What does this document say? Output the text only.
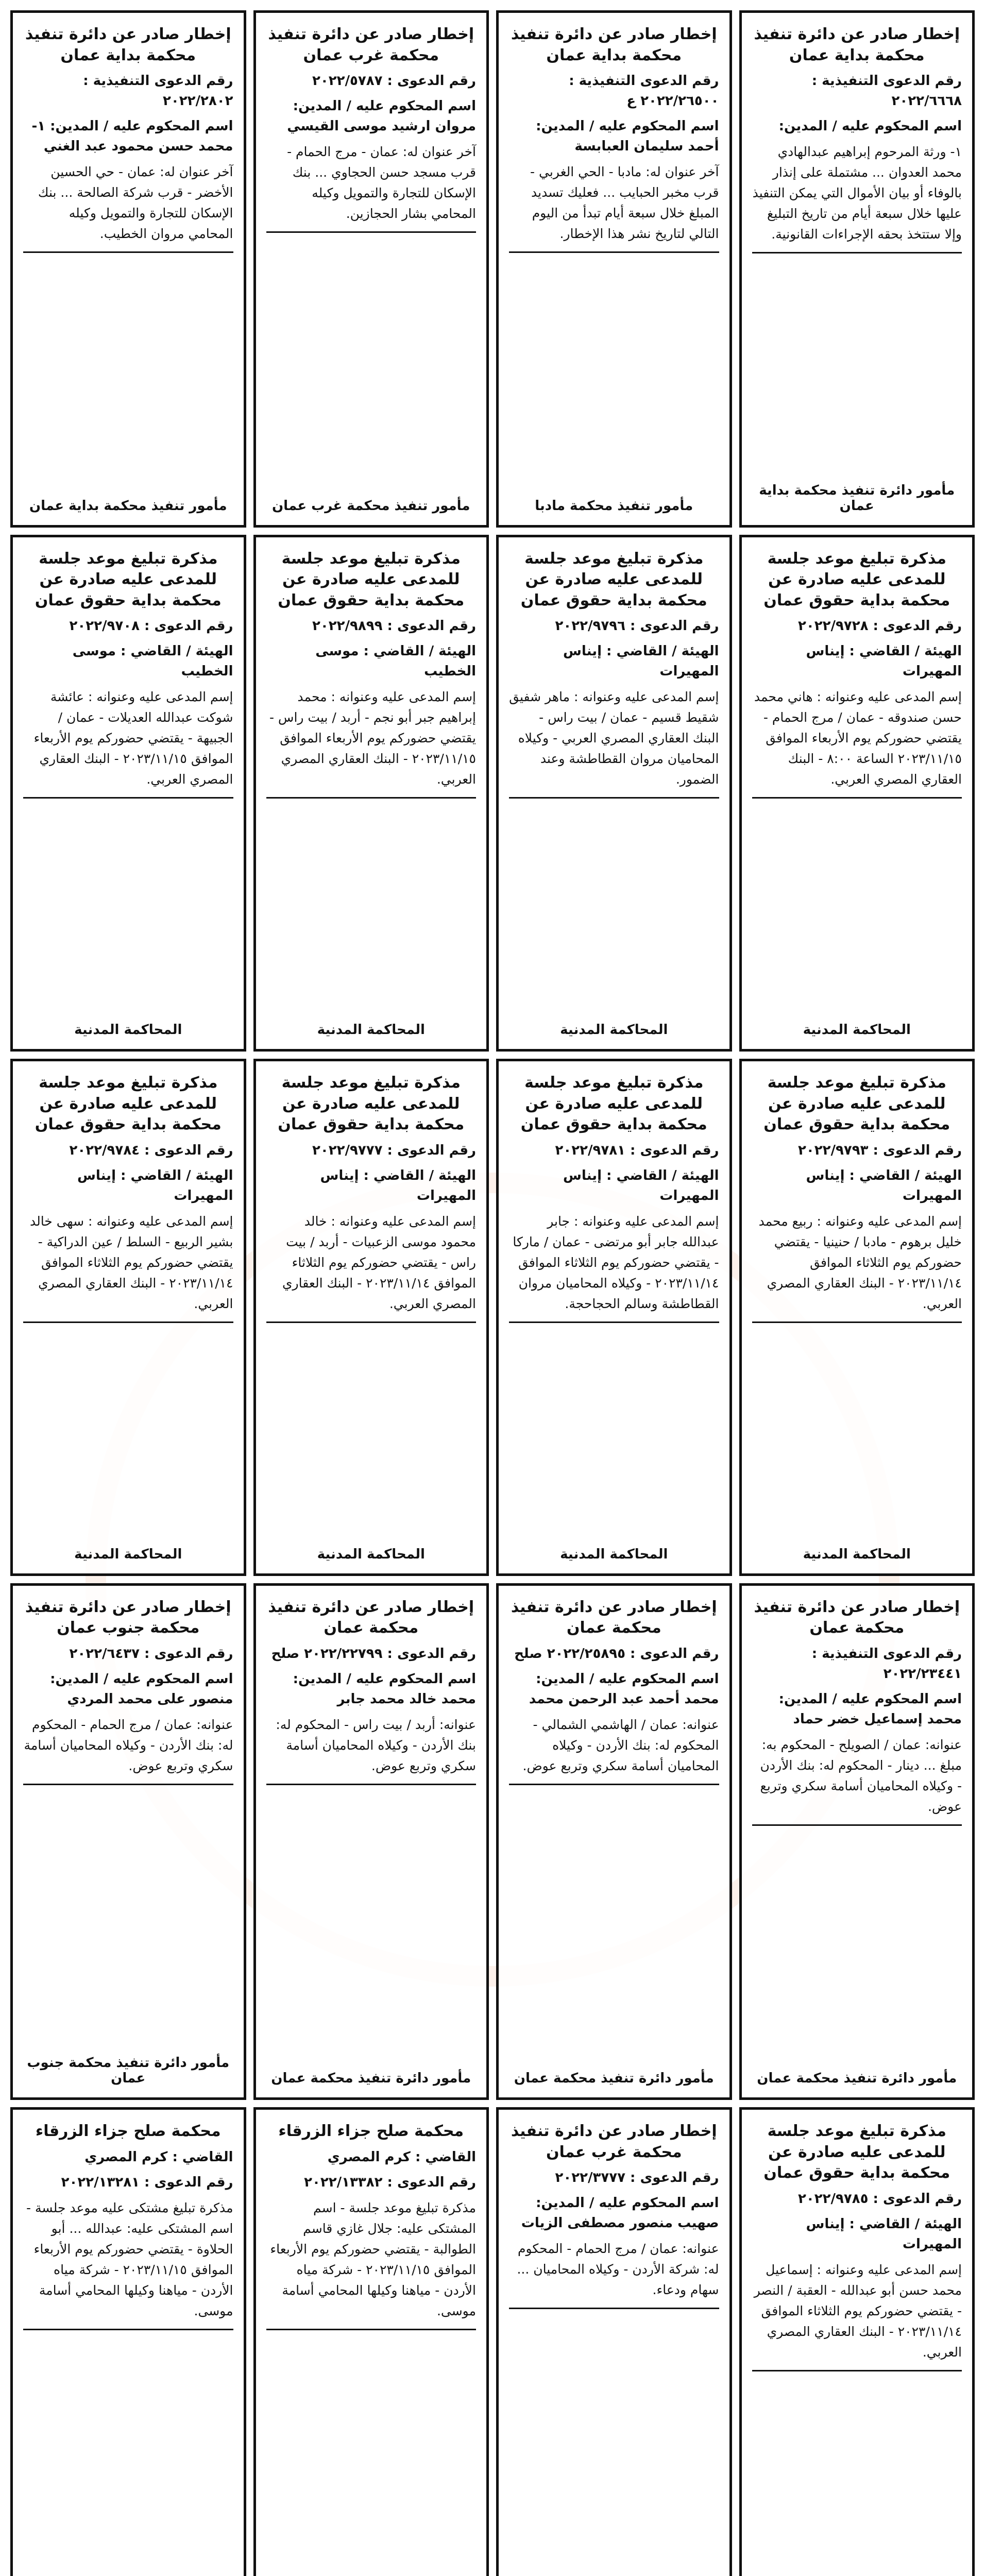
إخطار صادر عن دائرة تنفيذ محكمة بداية عمان
رقم الدعوى التنفيذية : ٢٠٢٢/٦٦٦٨
اسم المحكوم عليه / المدين:
١- ورثة المرحوم إبراهيم عبدالهادي محمد العدوان ... مشتملة على إنذار بالوفاء أو بيان الأموال التي يمكن التنفيذ عليها خلال سبعة أيام من تاريخ التبليغ وإلا ستتخذ بحقه الإجراءات القانونية.
مأمور دائرة تنفيذ محكمة بداية عمان
إخطار صادر عن دائرة تنفيذ محكمة بداية عمان
رقم الدعوى التنفيذية : ٢٠٢٢/٢٦٥٠٠ ع
اسم المحكوم عليه / المدين: أحمد سليمان العبابسة
آخر عنوان له: مادبا - الحي الغربي - قرب مخبر الحبايب ... فعليك تسديد المبلغ خلال سبعة أيام تبدأ من اليوم التالي لتاريخ نشر هذا الإخطار.
مأمور تنفيذ محكمة مادبا
إخطار صادر عن دائرة تنفيذ محكمة غرب عمان
رقم الدعوى : ٢٠٢٢/٥٧٨٧
اسم المحكوم عليه / المدين: مروان ارشيد موسى القيسي
آخر عنوان له: عمان - مرج الحمام - قرب مسجد حسن الحجاوي ... بنك الإسكان للتجارة والتمويل وكيله المحامي بشار الحجازين.
مأمور تنفيذ محكمة غرب عمان
إخطار صادر عن دائرة تنفيذ محكمة بداية عمان
رقم الدعوى التنفيذية : ٢٠٢٢/٢٨٠٢
اسم المحكوم عليه / المدين: ١- محمد حسن محمود عبد الغني
آخر عنوان له: عمان - حي الحسين الأخضر - قرب شركة الصالحة ... بنك الإسكان للتجارة والتمويل وكيله المحامي مروان الخطيب.
مأمور تنفيذ محكمة بداية عمان
مذكرة تبليغ موعد جلسة للمدعى عليه صادرة عن محكمة بداية حقوق عمان
رقم الدعوى : ٢٠٢٢/٩٧٢٨
الهيئة / القاضي : إيناس المهيرات
إسم المدعى عليه وعنوانه : هاني محمد حسن صندوقه - عمان / مرج الحمام - يقتضي حضوركم يوم الأربعاء الموافق ٢٠٢٣/١١/١٥ الساعة ٨:٠٠ - البنك العقاري المصري العربي.
المحاكمة المدنية
مذكرة تبليغ موعد جلسة للمدعى عليه صادرة عن محكمة بداية حقوق عمان
رقم الدعوى : ٢٠٢٢/٩٧٩٦
الهيئة / القاضي : إيناس المهيرات
إسم المدعى عليه وعنوانه : ماهر شفيق شقيط قسيم - عمان / بيت راس - البنك العقاري المصري العربي - وكيلاه المحاميان مروان القطاطشة وعند الضمور.
المحاكمة المدنية
مذكرة تبليغ موعد جلسة للمدعى عليه صادرة عن محكمة بداية حقوق عمان
رقم الدعوى : ٢٠٢٢/٩٨٩٩
الهيئة / القاضي : موسى الخطيب
إسم المدعى عليه وعنوانه : محمد إبراهيم جبر أبو نجم - أربد / بيت راس - يقتضي حضوركم يوم الأربعاء الموافق ٢٠٢٣/١١/١٥ - البنك العقاري المصري العربي.
المحاكمة المدنية
مذكرة تبليغ موعد جلسة للمدعى عليه صادرة عن محكمة بداية حقوق عمان
رقم الدعوى : ٢٠٢٢/٩٧٠٨
الهيئة / القاضي : موسى الخطيب
إسم المدعى عليه وعنوانه : عائشة شوكت عبدالله العديلات - عمان / الجبيهة - يقتضي حضوركم يوم الأربعاء الموافق ٢٠٢٣/١١/١٥ - البنك العقاري المصري العربي.
المحاكمة المدنية
مذكرة تبليغ موعد جلسة للمدعى عليه صادرة عن محكمة بداية حقوق عمان
رقم الدعوى : ٢٠٢٢/٩٧٩٣
الهيئة / القاضي : إيناس المهيرات
إسم المدعى عليه وعنوانه : ربيع محمد خليل برهوم - مادبا / حنينيا - يقتضي حضوركم يوم الثلاثاء الموافق ٢٠٢٣/١١/١٤ - البنك العقاري المصري العربي.
المحاكمة المدنية
مذكرة تبليغ موعد جلسة للمدعى عليه صادرة عن محكمة بداية حقوق عمان
رقم الدعوى : ٢٠٢٢/٩٧٨١
الهيئة / القاضي : إيناس المهيرات
إسم المدعى عليه وعنوانه : جابر عبدالله جابر أبو مرتضى - عمان / ماركا - يقتضي حضوركم يوم الثلاثاء الموافق ٢٠٢٣/١١/١٤ - وكيلاه المحاميان مروان القطاطشة وسالم الحجاحجة.
المحاكمة المدنية
مذكرة تبليغ موعد جلسة للمدعى عليه صادرة عن محكمة بداية حقوق عمان
رقم الدعوى : ٢٠٢٢/٩٧٧٧
الهيئة / القاضي : إيناس المهيرات
إسم المدعى عليه وعنوانه : خالد محمود موسى الزعبيات - أربد / بيت راس - يقتضي حضوركم يوم الثلاثاء الموافق ٢٠٢٣/١١/١٤ - البنك العقاري المصري العربي.
المحاكمة المدنية
مذكرة تبليغ موعد جلسة للمدعى عليه صادرة عن محكمة بداية حقوق عمان
رقم الدعوى : ٢٠٢٢/٩٧٨٤
الهيئة / القاضي : إيناس المهيرات
إسم المدعى عليه وعنوانه : سهى خالد بشير الربيع - السلط / عين الدراكية - يقتضي حضوركم يوم الثلاثاء الموافق ٢٠٢٣/١١/١٤ - البنك العقاري المصري العربي.
المحاكمة المدنية
إخطار صادر عن دائرة تنفيذ محكمة عمان
رقم الدعوى التنفيذية : ٢٠٢٢/٢٣٤٤١
اسم المحكوم عليه / المدين: محمد إسماعيل خضر حماد
عنوانه: عمان / الصويلح - المحكوم به: مبلغ ... دينار - المحكوم له: بنك الأردن - وكيلاه المحاميان أسامة سكري وتربع عوض.
مأمور دائرة تنفيذ محكمة عمان
إخطار صادر عن دائرة تنفيذ محكمة عمان
رقم الدعوى : ٢٠٢٢/٢٥٨٩٥ صلح
اسم المحكوم عليه / المدين: محمد أحمد عبد الرحمن محمد
عنوانه: عمان / الهاشمي الشمالي - المحكوم له: بنك الأردن - وكيلاه المحاميان أسامة سكري وتربع عوض.
مأمور دائرة تنفيذ محكمة عمان
إخطار صادر عن دائرة تنفيذ محكمة عمان
رقم الدعوى : ٢٠٢٢/٢٢٧٩٩ صلح
اسم المحكوم عليه / المدين: محمد خالد محمد جابر
عنوانه: أربد / بيت راس - المحكوم له: بنك الأردن - وكيلاه المحاميان أسامة سكري وتربع عوض.
مأمور دائرة تنفيذ محكمة عمان
إخطار صادر عن دائرة تنفيذ محكمة جنوب عمان
رقم الدعوى : ٢٠٢٢/٦٤٣٧
اسم المحكوم عليه / المدين: منصور على محمد المردي
عنوانه: عمان / مرج الحمام - المحكوم له: بنك الأردن - وكيلاه المحاميان أسامة سكري وتربع عوض.
مأمور دائرة تنفيذ محكمة جنوب عمان
مذكرة تبليغ موعد جلسة للمدعى عليه صادرة عن محكمة بداية حقوق عمان
رقم الدعوى : ٢٠٢٢/٩٧٨٥
الهيئة / القاضي : إيناس المهيرات
إسم المدعى عليه وعنوانه : إسماعيل محمد حسن أبو عبدالله - العقبة / النصر - يقتضي حضوركم يوم الثلاثاء الموافق ٢٠٢٣/١١/١٤ - البنك العقاري المصري العربي.
إخطار صادر عن دائرة تنفيذ محكمة غرب عمان
رقم الدعوى : ٢٠٢٢/٣٧٧٧
اسم المحكوم عليه / المدين: صهيب منصور مصطفى الزيات
عنوانه: عمان / مرج الحمام - المحكوم له: شركة الأردن - وكيلاه المحاميان ... سهام ودعاء.
محكمة صلح جزاء الزرقاء
القاضي : كرم المصري
رقم الدعوى : ٢٠٢٢/١٣٣٨٢
مذكرة تبليغ موعد جلسة - اسم المشتكى عليه: جلال غازي قاسم الطوالبة - يقتضي حضوركم يوم الأربعاء الموافق ٢٠٢٣/١١/١٥ - شركة مياه الأردن - مياهنا وكيلها المحامي أسامة موسى.
محكمة صلح جزاء الزرقاء
القاضي : كرم المصري
رقم الدعوى : ٢٠٢٢/١٣٢٨١
مذكرة تبليغ مشتكى عليه موعد جلسة - اسم المشتكى عليه: عبدالله ... أبو الحلاوة - يقتضي حضوركم يوم الأربعاء الموافق ٢٠٢٣/١١/١٥ - شركة مياه الأردن - مياهنا وكيلها المحامي أسامة موسى.
